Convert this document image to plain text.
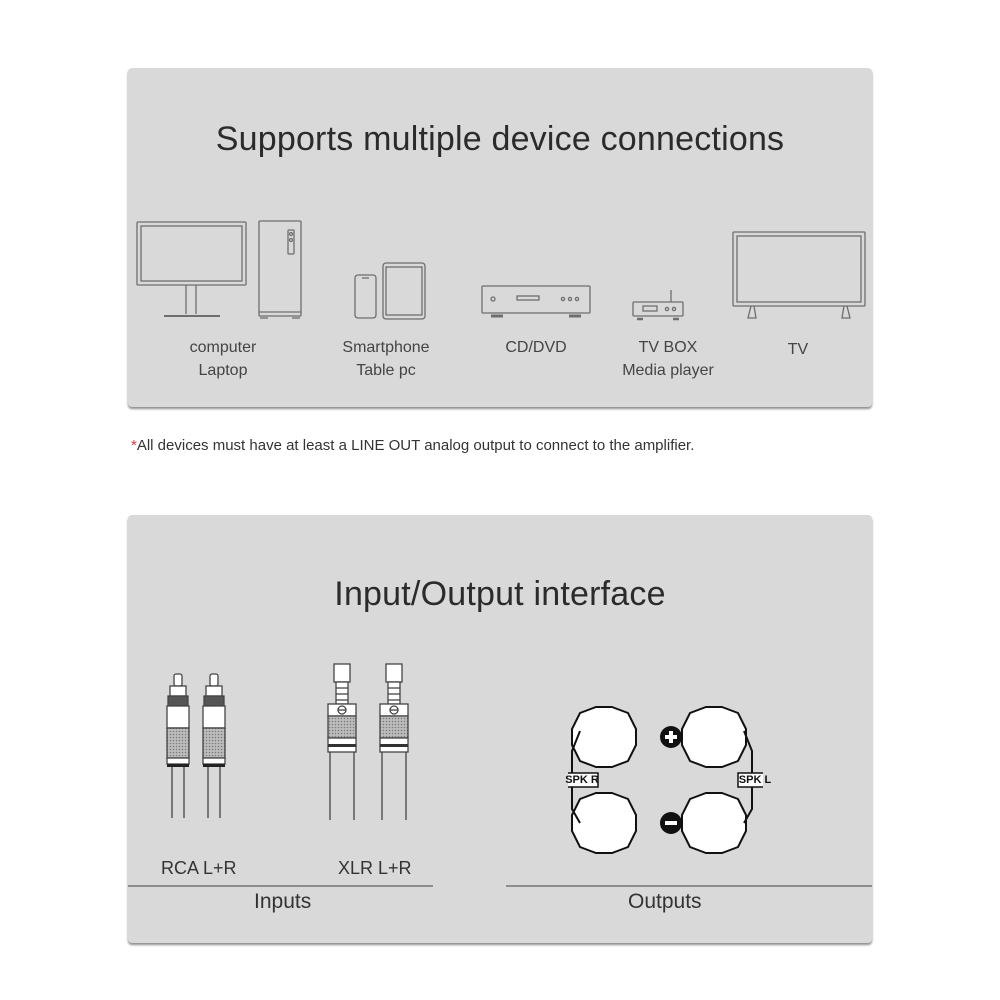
Supports multiple device connections
computer
Laptop
Smartphone
Table pc
CD/DVD	TV BOX
Media player
TV
*All devices must have at least a LINE OUT analog output to connect to the amplifier.
Input/Output interface
RCA L+R	XLR L+R
SPK R	SPK L
Inputs	Outputs
